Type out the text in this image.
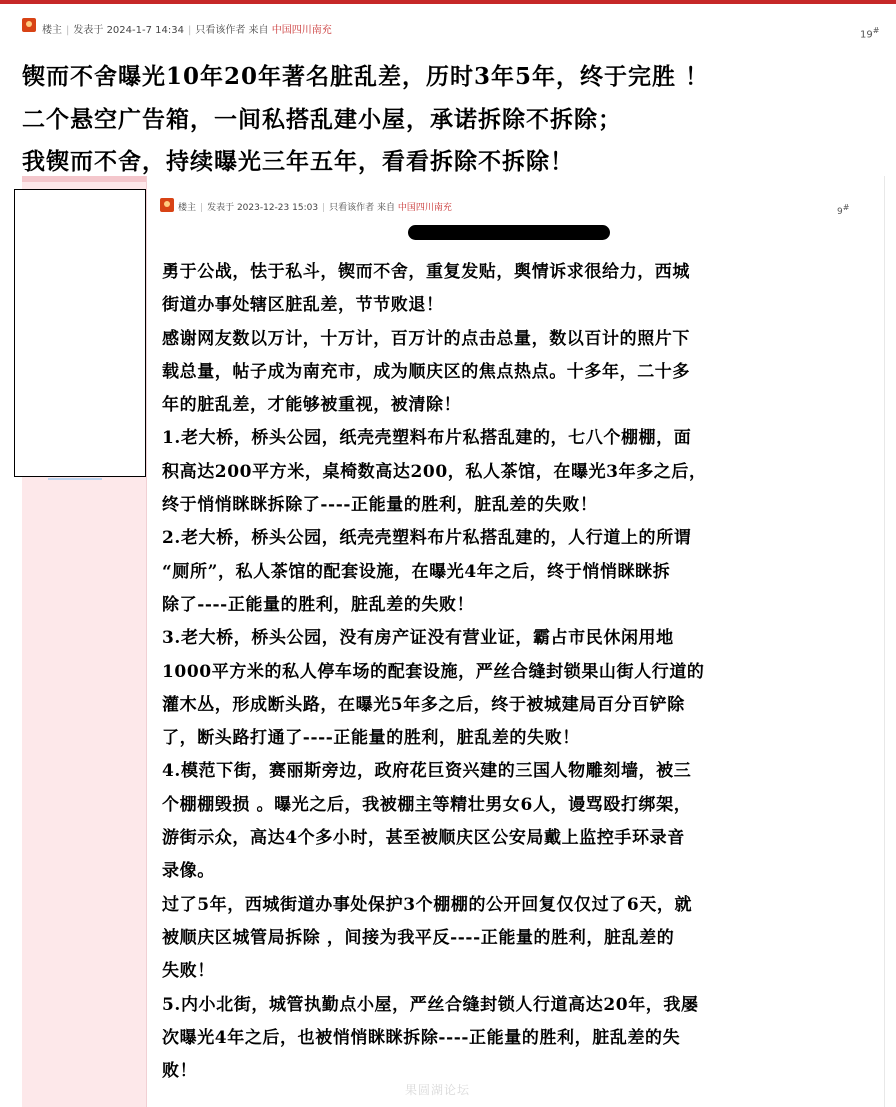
楼主 | 发表于 2024-1-7 14:34 | 只看该作者 来自 中国四川南充	19#
锲而不舍曝光10年20年著名脏乱差，历时3年5年，终于完胜 ！
二个悬空广告箱，一间私搭乱建小屋，承诺拆除不拆除；
我锲而不舍，持续曝光三年五年，看看拆除不拆除！
楼主 | 发表于 2023-12-23 15:03 | 只看该作者 来自 中国四川南充	9#

勇于公战，怯于私斗，锲而不舍，重复发贴，舆情诉求很给力，西城

街道办事处辖区脏乱差，节节败退！

感谢网友数以万计，十万计，百万计的点击总量，数以百计的照片下

载总量，帖子成为南充市，成为顺庆区的焦点热点。十多年，二十多

年的脏乱差，才能够被重视，被清除！

1.老大桥，桥头公园，纸壳壳塑料布片私搭乱建的，七八个棚棚，面

积高达200平方米，桌椅数高达200，私人茶馆，在曝光3年多之后，

终于悄悄眯眯拆除了----正能量的胜利，脏乱差的失败！

2.老大桥，桥头公园，纸壳壳塑料布片私搭乱建的，人行道上的所谓

“厕所”，私人茶馆的配套设施，在曝光4年之后，终于悄悄眯眯拆

除了----正能量的胜利，脏乱差的失败！

3.老大桥，桥头公园，没有房产证没有营业证，霸占市民休闲用地

1000平方米的私人停车场的配套设施，严丝合缝封锁果山街人行道的

灌木丛，形成断头路，在曝光5年多之后，终于被城建局百分百铲除

了，断头路打通了----正能量的胜利，脏乱差的失败！

4.模范下街，赛丽斯旁边，政府花巨资兴建的三国人物雕刻墙，被三

个棚棚毁损 。曝光之后，我被棚主等精壮男女6人，谩骂殴打绑架，

游街示众，高达4个多小时，甚至被顺庆区公安局戴上监控手环录音

录像。

过了5年，西城街道办事处保护3个棚棚的公开回复仅仅过了6天，就

被顺庆区城管局拆除 ，间接为我平反----正能量的胜利，脏乱差的

失败！

5.内小北街，城管执勤点小屋，严丝合缝封锁人行道高达20年，我屡

次曝光4年之后，也被悄悄眯眯拆除----正能量的胜利，脏乱差的失

败！

果圆湖论坛
